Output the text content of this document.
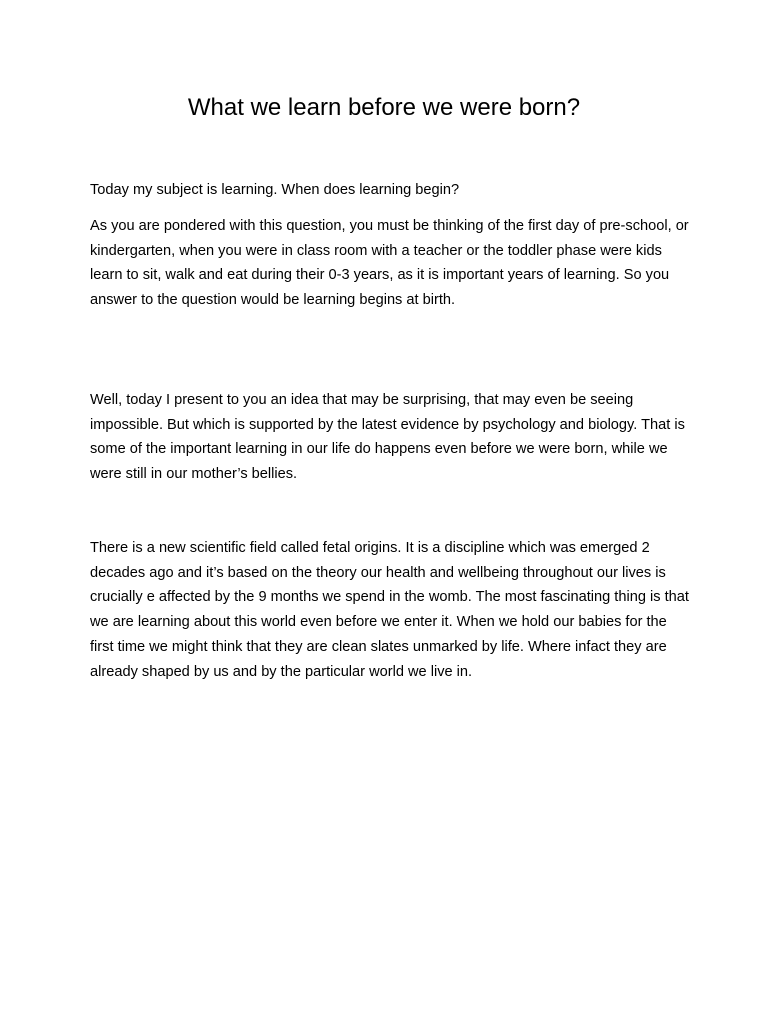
What we learn before we were born?

Today my subject is learning. When does learning begin?

As you are pondered with this question, you must be thinking of the first day of pre-school, or kindergarten, when you were in class room with a teacher or the toddler phase were kids learn to sit, walk and eat during their 0-3 years, as it is important years of learning. So you answer to the question would be learning begins at birth.

Well, today I present to you an idea that may be surprising, that may even be seeing impossible. But which is supported by the latest evidence by psychology and biology. That is some of the important learning in our life do happens even before we were born, while we were still in our mother’s bellies.

There is a new scientific field called fetal origins. It is a discipline which was emerged 2 decades ago and it’s based on the theory our health and wellbeing throughout our lives is crucially e affected by the 9 months we spend in the womb. The most fascinating thing is that we are learning about this world even before we enter it. When we hold our babies for the first time we might think that they are clean slates unmarked by life. Where infact they are already shaped by us and by the particular world we live in.
